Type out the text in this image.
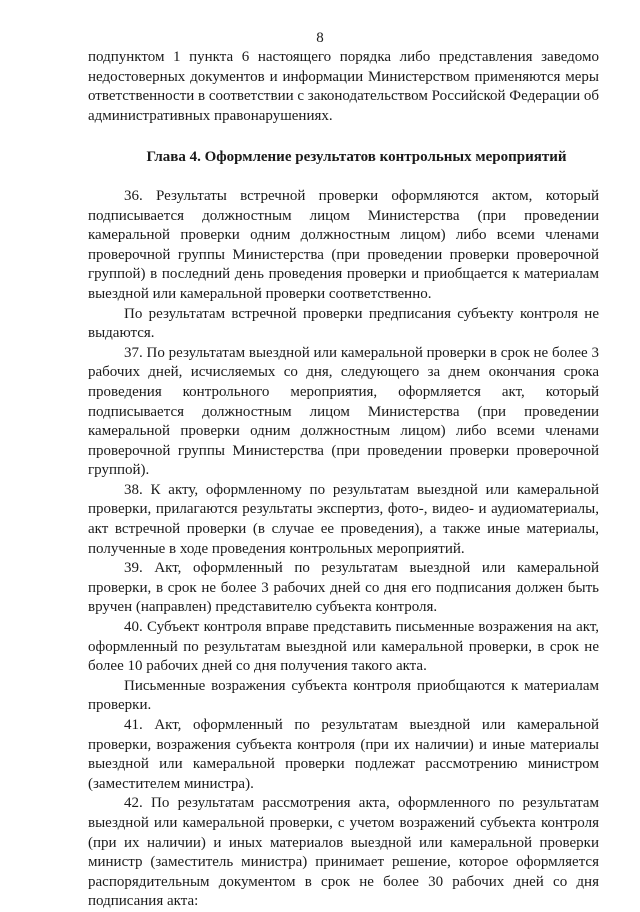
8

подпунктом 1 пункта 6 настоящего порядка либо представления заведомо недостоверных документов и информации Министерством применяются меры ответственности в соответствии с законодательством Российской Федерации об административных правонарушениях.

Глава 4. Оформление результатов контрольных мероприятий

36. Результаты встречной проверки оформляются актом, который подписывается должностным лицом Министерства (при проведении камеральной проверки одним должностным лицом) либо всеми членами проверочной группы Министерства (при проведении проверки проверочной группой) в последний день проведения проверки и приобщается к материалам выездной или камеральной проверки соответственно.

По результатам встречной проверки предписания субъекту контроля не выдаются.

37. По результатам выездной или камеральной проверки в срок не более 3 рабочих дней, исчисляемых со дня, следующего за днем окончания срока проведения контрольного мероприятия, оформляется акт, который подписывается должностным лицом Министерства (при проведении камеральной проверки одним должностным лицом) либо всеми членами проверочной группы Министерства (при проведении проверки проверочной группой).

38. К акту, оформленному по результатам выездной или камеральной проверки, прилагаются результаты экспертиз, фото-, видео- и аудиоматериалы, акт встречной проверки (в случае ее проведения), а также иные материалы, полученные в ходе проведения контрольных мероприятий.

39. Акт, оформленный по результатам выездной или камеральной проверки, в срок не более 3 рабочих дней со дня его подписания должен быть вручен (направлен) представителю субъекта контроля.

40. Субъект контроля вправе представить письменные возражения на акт, оформленный по результатам выездной или камеральной проверки, в срок не более 10 рабочих дней со дня получения такого акта.

Письменные возражения субъекта контроля приобщаются к материалам проверки.

41. Акт, оформленный по результатам выездной или камеральной проверки, возражения субъекта контроля (при их наличии) и иные материалы выездной или камеральной проверки подлежат рассмотрению министром (заместителем министра).

42. По результатам рассмотрения акта, оформленного по результатам выездной или камеральной проверки, с учетом возражений субъекта контроля (при их наличии) и иных материалов выездной или камеральной проверки министр (заместитель министра) принимает решение, которое оформляется распорядительным документом в срок не более 30 рабочих дней со дня подписания акта:
